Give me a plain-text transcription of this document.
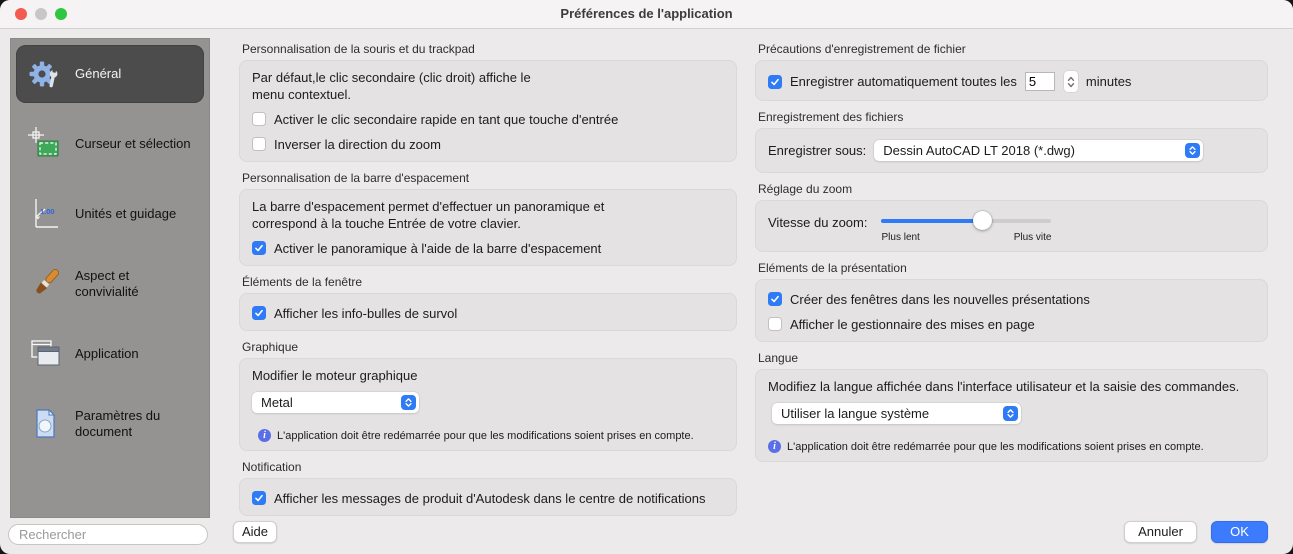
Préférences de l'application
Général
Curseur et sélection
1.00 Unités et guidage
Aspect et convivialité
Application
Paramètres du document
Rechercher
Personnalisation de la souris et du trackpad
Par défaut,le clic secondaire (clic droit) affiche le
menu contextuel.
Activer le clic secondaire rapide en tant que touche d'entrée
Inverser la direction du zoom
Personnalisation de la barre d'espacement
La barre d'espacement permet d'effectuer un panoramique et
correspond à la touche Entrée de votre clavier.
Activer le panoramique à l'aide de la barre d'espacement
Éléments de la fenêtre
Afficher les info-bulles de survol
Graphique
Modifier le moteur graphique
Metal
i	L'application doit être redémarrée pour que les modifications soient prises en compte.
Notification
Afficher les messages de produit d'Autodesk dans le centre de notifications
Précautions d'enregistrement de fichier
Enregistrer automatiquement toutes les
5	minutes
Enregistrement des fichiers
Enregistrer sous: Dessin AutoCAD LT 2018 (*.dwg)
Réglage du zoom
Vitesse du zoom:
Plus lent	Plus vite
Eléments de la présentation
Créer des fenêtres dans les nouvelles présentations
Afficher le gestionnaire des mises en page
Langue
Modifiez la langue affichée dans l'interface utilisateur et la saisie des commandes.
Utiliser la langue système
i	L'application doit être redémarrée pour que les modifications soient prises en compte.
Aide	Annuler	OK
